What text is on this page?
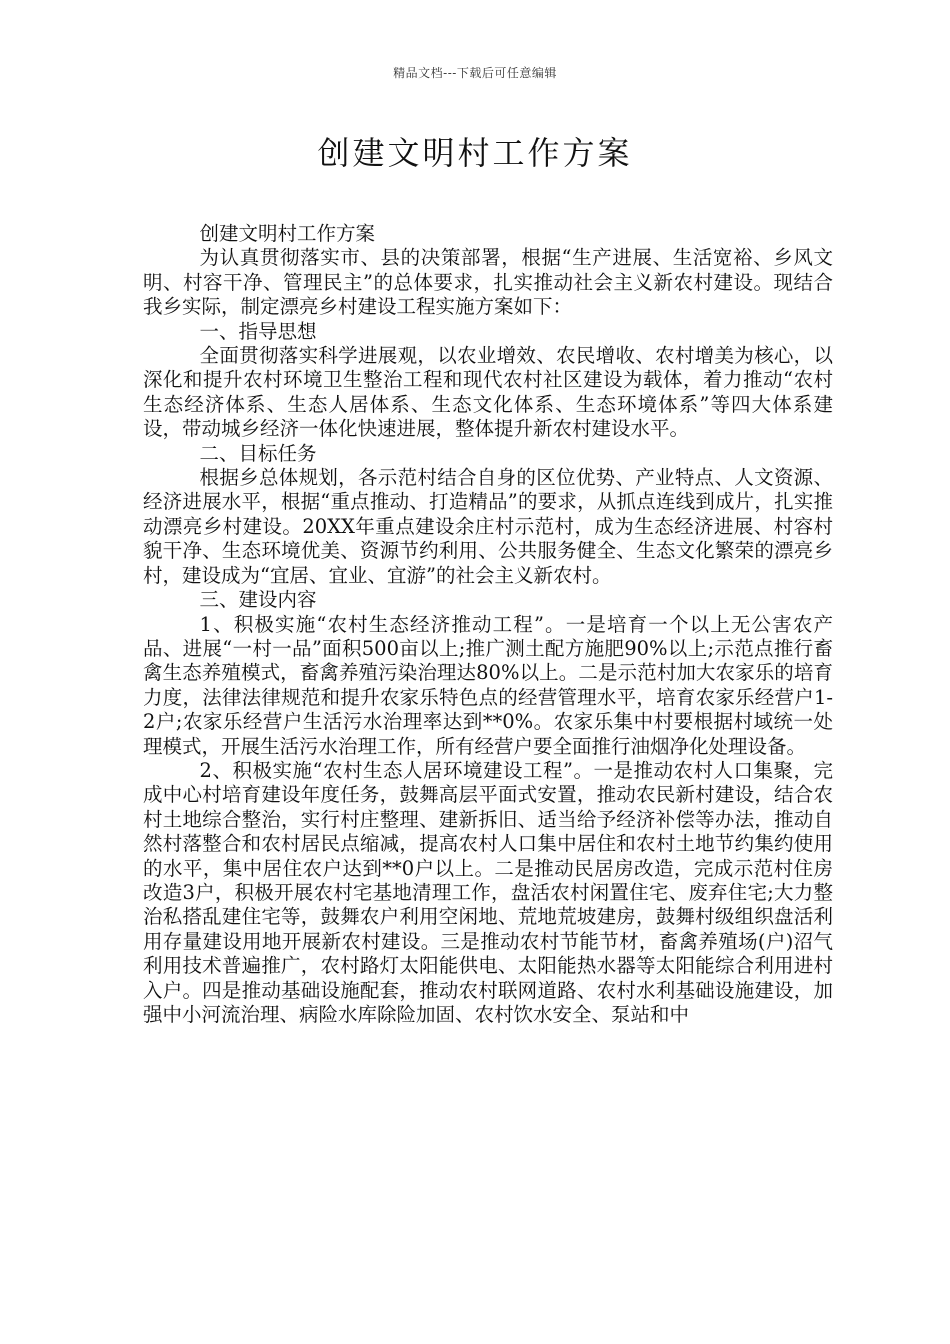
精品文档---下载后可任意编辑
创建文明村工作方案

创建文明村工作方案

为认真贯彻落实市、县的决策部署，根据“生产进展、生活宽裕、乡风文明、村容干净、管理民主”的总体要求，扎实推动社会主义新农村建设。现结合我乡实际，制定漂亮乡村建设工程实施方案如下：

一、指导思想

全面贯彻落实科学进展观，以农业增效、农民增收、农村增美为核心，以深化和提升农村环境卫生整治工程和现代农村社区建设为载体，着力推动“农村生态经济体系、生态人居体系、生态文化体系、生态环境体系”等四大体系建设，带动城乡经济一体化快速进展，整体提升新农村建设水平。

二、目标任务

根据乡总体规划，各示范村结合自身的区位优势、产业特点、人文资源、经济进展水平，根据“重点推动、打造精品”的要求，从抓点连线到成片，扎实推动漂亮乡村建设。20XX年重点建设余庄村示范村，成为生态经济进展、村容村貌干净、生态环境优美、资源节约利用、公共服务健全、生态文化繁荣的漂亮乡村，建设成为“宜居、宜业、宜游”的社会主义新农村。

三、建设内容

1、积极实施“农村生态经济推动工程”。一是培育一个以上无公害农产品、进展“一村一品”面积500亩以上;推广测土配方施肥90%以上;示范点推行畜禽生态养殖模式，畜禽养殖污染治理达80%以上。二是示范村加大农家乐的培育力度，法律法律规范和提升农家乐特色点的经营管理水平，培育农家乐经营户1-2户;农家乐经营户生活污水治理率达到**0%。农家乐集中村要根据村域统一处理模式，开展生活污水治理工作，所有经营户要全面推行油烟净化处理设备。

2、积极实施“农村生态人居环境建设工程”。一是推动农村人口集聚，完成中心村培育建设年度任务，鼓舞高层平面式安置，推动农民新村建设，结合农村土地综合整治，实行村庄整理、建新拆旧、适当给予经济补偿等办法，推动自然村落整合和农村居民点缩减，提高农村人口集中居住和农村土地节约集约使用的水平，集中居住农户达到**0户以上。二是推动民居房改造，完成示范村住房改造3户，积极开展农村宅基地清理工作，盘活农村闲置住宅、废弃住宅;大力整治私搭乱建住宅等，鼓舞农户利用空闲地、荒地荒坡建房，鼓舞村级组织盘活利用存量建设用地开展新农村建设。三是推动农村节能节材，畜禽养殖场(户)沼气利用技术普遍推广，农村路灯太阳能供电、太阳能热水器等太阳能综合利用进村入户。四是推动基础设施配套，推动农村联网道路、农村水利基础设施建设，加强中小河流治理、病险水库除险加固、农村饮水安全、泵站和中
